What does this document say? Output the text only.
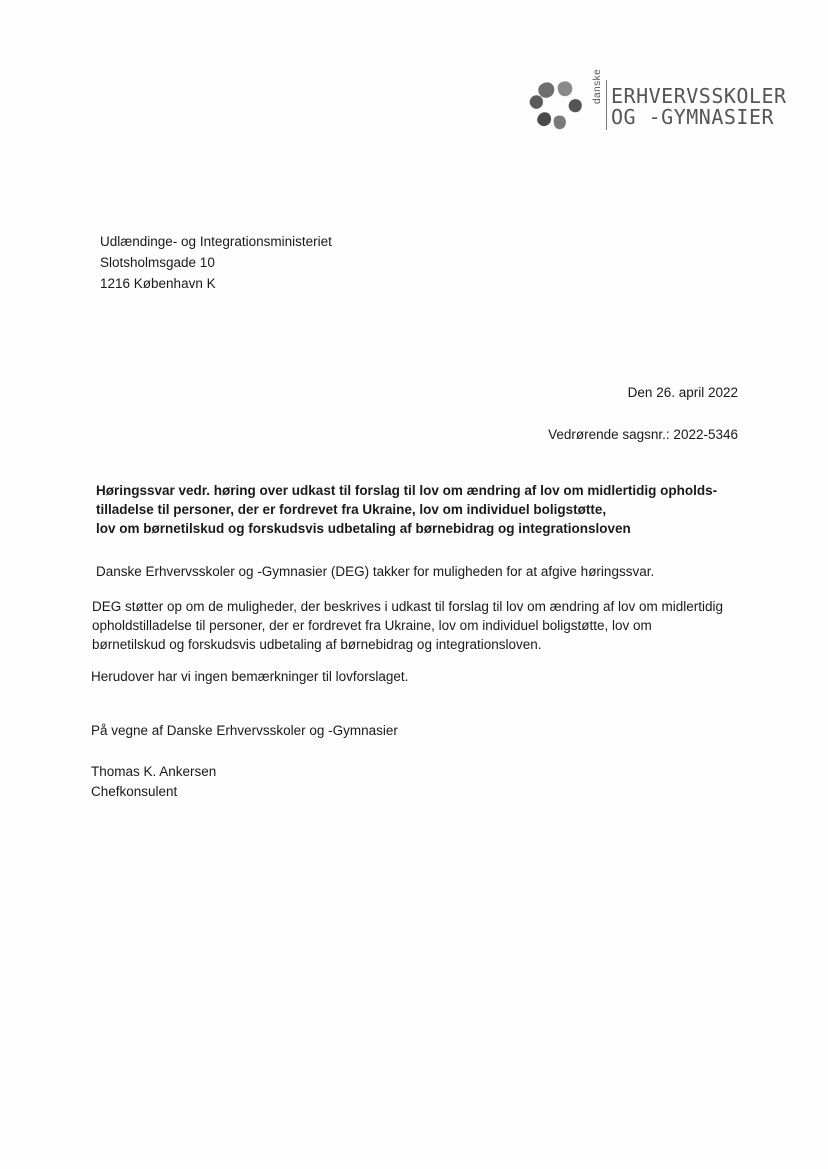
danske ERHVERVSSKOLER
OG -GYMNASIER
Udlændinge- og Integrationsministeriet
Slotsholmsgade 10
1216 København K
Den 26. april 2022
Vedrørende sagsnr.: 2022-5346
Høringssvar vedr. høring over udkast til forslag til lov om ændring af lov om midlertidig opholds-
tilladelse til personer, der er fordrevet fra Ukraine, lov om individuel boligstøtte,
lov om børnetilskud og forskudsvis udbetaling af børnebidrag og integrationsloven
Danske Erhvervsskoler og -Gymnasier (DEG) takker for muligheden for at afgive høringssvar.
DEG støtter op om de muligheder, der beskrives i udkast til forslag til lov om ændring af lov om midlertidig
opholdstilladelse til personer, der er fordrevet fra Ukraine, lov om individuel boligstøtte, lov om
børnetilskud og forskudsvis udbetaling af børnebidrag og integrationsloven.
Herudover har vi ingen bemærkninger til lovforslaget.
På vegne af Danske Erhvervsskoler og -Gymnasier
Thomas K. Ankersen
Chefkonsulent
